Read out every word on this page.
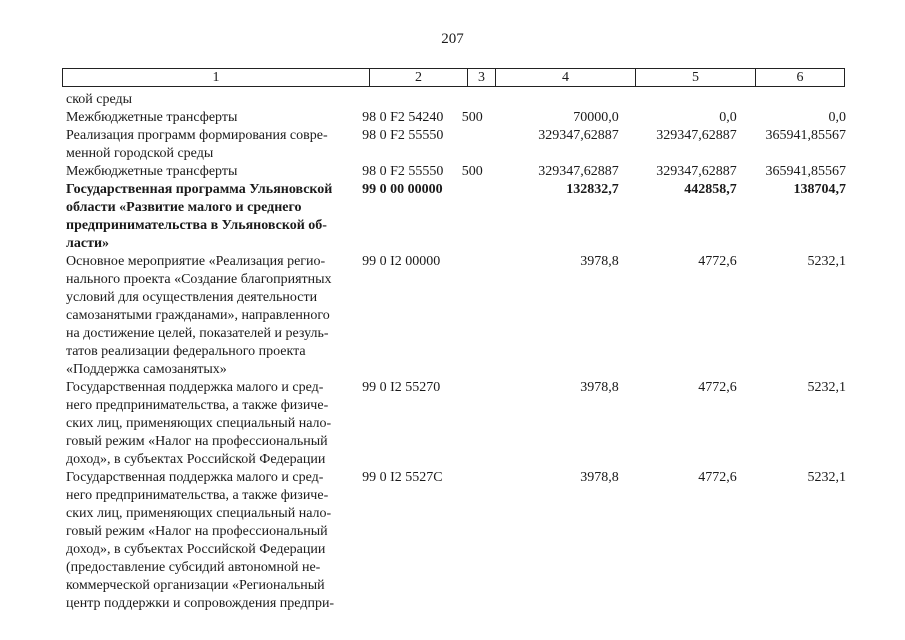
207
1	2	3	4	5	6
ской среды
Межбюджетные трансферты	98 0 F2 54240	500	70000,0	0,0	0,0
Реализация программ формирования совре-
менной городской среды
98 0 F2 55550	329347,62887	329347,62887	365941,85567
Межбюджетные трансферты	98 0 F2 55550	500	329347,62887	329347,62887	365941,85567
Государственная программа Ульяновской
области «Развитие малого и среднего
предпринимательства в Ульяновской об-
ласти»
99 0 00 00000	132832,7	442858,7	138704,7
Основное мероприятие «Реализация регио-
нального проекта «Создание благоприятных
условий для осуществления деятельности
самозанятыми гражданами», направленного
на достижение целей, показателей и резуль-
татов реализации федерального проекта
«Поддержка самозанятых»
99 0 I2 00000	3978,8	4772,6	5232,1
Государственная поддержка малого и сред-
него предпринимательства, а также физиче-
ских лиц, применяющих специальный нало-
говый режим «Налог на профессиональный
доход», в субъектах Российской Федерации
99 0 I2 55270	3978,8	4772,6	5232,1
Государственная поддержка малого и сред-
него предпринимательства, а также физиче-
ских лиц, применяющих специальный нало-
говый режим «Налог на профессиональный
доход», в субъектах Российской Федерации
(предоставление субсидий автономной не-
коммерческой организации «Региональный
центр поддержки и сопровождения предпри-
99 0 I2 5527C	3978,8	4772,6	5232,1
